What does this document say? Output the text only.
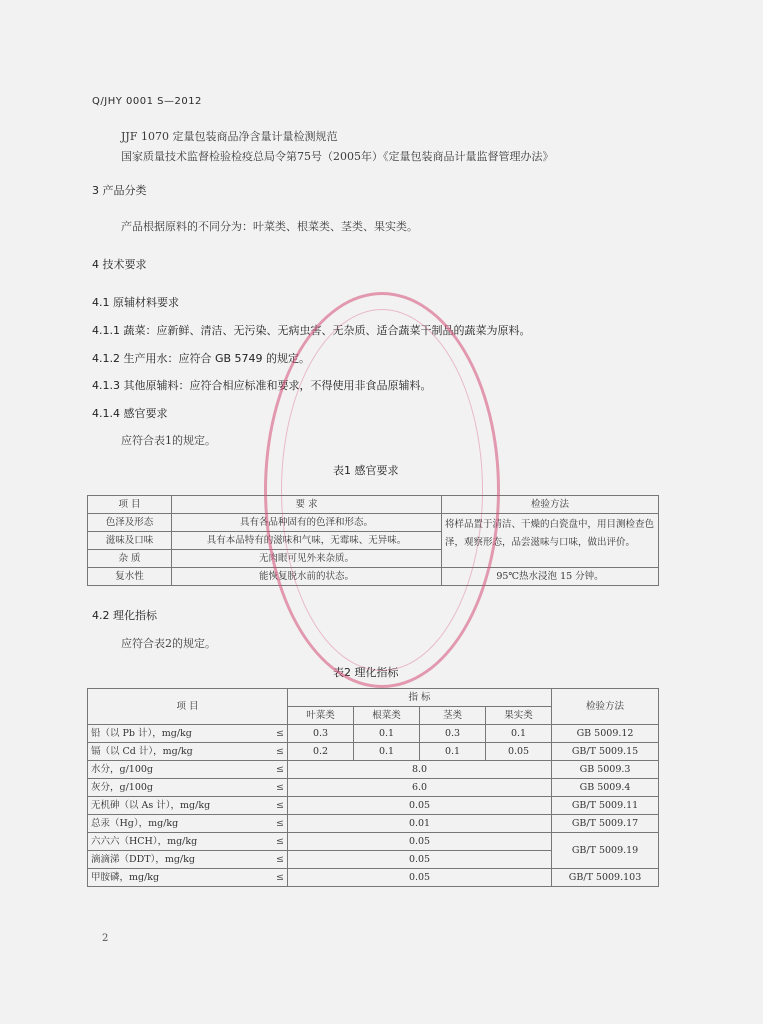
Q/JHY 0001 S—2012
JJF 1070 定量包装商品净含量计量检测规范
国家质量技术监督检验检疫总局令第75号（2005年）《定量包装商品计量监督管理办法》
3 产品分类
产品根据原料的不同分为：叶菜类、根菜类、茎类、果实类。
4 技术要求
4.1 原辅材料要求
4.1.1 蔬菜：应新鲜、清洁、无污染、无病虫害、无杂质、适合蔬菜干制品的蔬菜为原料。
4.1.2 生产用水：应符合 GB 5749 的规定。
4.1.3 其他原辅料：应符合相应标准和要求，不得使用非食品原辅料。
4.1.4 感官要求
应符合表1的规定。
表1 感官要求
项 目	要 求	检验方法
色泽及形态	具有各品种固有的色泽和形态。	将样品置于清洁、干燥的白瓷盘中，用目测检查色泽，观察形态，品尝滋味与口味，做出评价。
滋味及口味	具有本品特有的滋味和气味，无霉味、无异味。	
杂 质	无肉眼可见外来杂质。	
复水性	能恢复脱水前的状态。	95℃热水浸泡 15 分钟。
4.2 理化指标
应符合表2的规定。
表2 理化指标
项 目	指 标				检验方法
	叶菜类	根菜类	茎类	果实类	
铅（以 Pb 计），mg/kg ≤	0.3	0.1	0.3	0.1	GB 5009.12
镉（以 Cd 计），mg/kg ≤	0.2	0.1	0.1	0.05	GB/T 5009.15
水分，g/100g ≤	8.0				GB 5009.3
灰分，g/100g ≤	6.0				GB 5009.4
无机砷（以 As 计），mg/kg ≤	0.05				GB/T 5009.11
总汞（Hg），mg/kg ≤	0.01				GB/T 5009.17
六六六（HCH），mg/kg ≤	0.05				GB/T 5009.19
滴滴涕（DDT），mg/kg ≤	0.05				
甲胺磷，mg/kg ≤	0.05				GB/T 5009.103
2
